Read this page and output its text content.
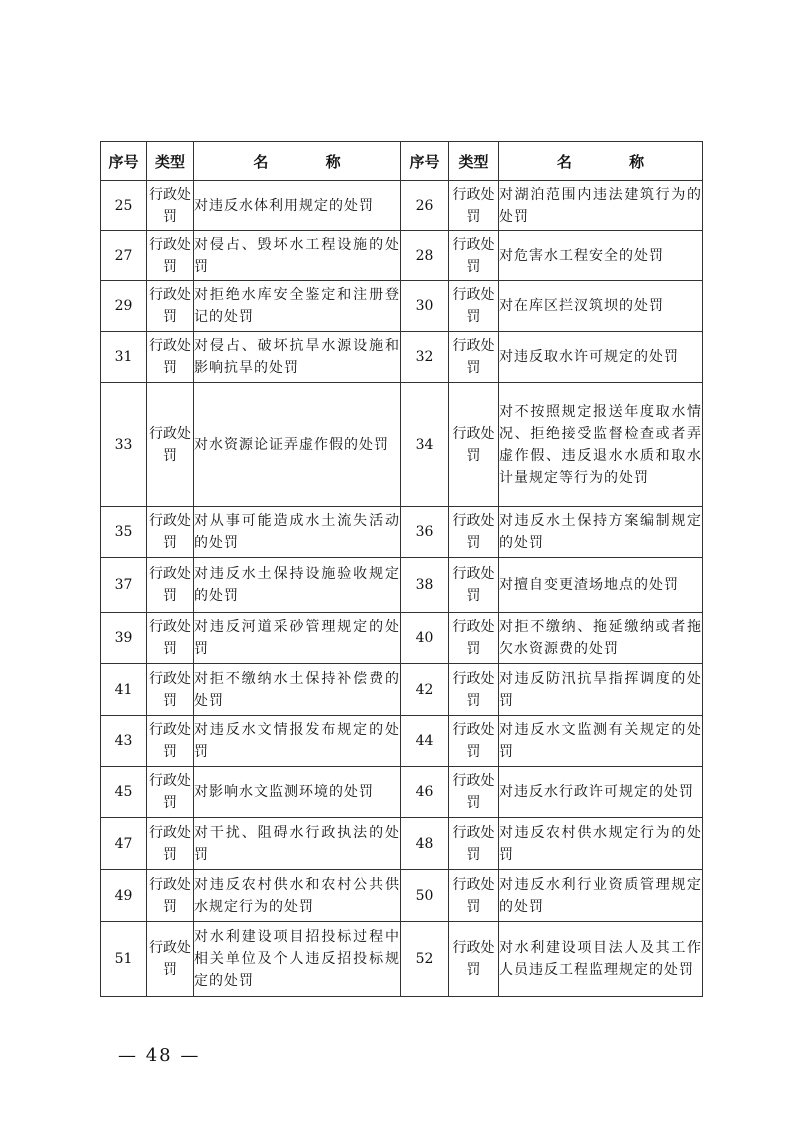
序号	类型	名 称	序号	类型	名 称
25	行政处罚	对违反水体利用规定的处罚	26	行政处罚	对湖泊范围内违法建筑行为的处罚
27	行政处罚	对侵占、毁坏水工程设施的处罚	28	行政处罚	对危害水工程安全的处罚
29	行政处罚	对拒绝水库安全鉴定和注册登记的处罚	30	行政处罚	对在库区拦汊筑坝的处罚
31	行政处罚	对侵占、破坏抗旱水源设施和影响抗旱的处罚	32	行政处罚	对违反取水许可规定的处罚
33	行政处罚	对水资源论证弄虚作假的处罚	34	行政处罚	对不按照规定报送年度取水情况、拒绝接受监督检查或者弄虚作假、违反退水水质和取水计量规定等行为的处罚
35	行政处罚	对从事可能造成水土流失活动的处罚	36	行政处罚	对违反水土保持方案编制规定的处罚
37	行政处罚	对违反水土保持设施验收规定的处罚	38	行政处罚	对擅自变更渣场地点的处罚
39	行政处罚	对违反河道采砂管理规定的处罚	40	行政处罚	对拒不缴纳、拖延缴纳或者拖欠水资源费的处罚
41	行政处罚	对拒不缴纳水土保持补偿费的处罚	42	行政处罚	对违反防汛抗旱指挥调度的处罚
43	行政处罚	对违反水文情报发布规定的处罚	44	行政处罚	对违反水文监测有关规定的处罚
45	行政处罚	对影响水文监测环境的处罚	46	行政处罚	对违反水行政许可规定的处罚
47	行政处罚	对干扰、阻碍水行政执法的处罚	48	行政处罚	对违反农村供水规定行为的处罚
49	行政处罚	对违反农村供水和农村公共供水规定行为的处罚	50	行政处罚	对违反水利行业资质管理规定的处罚
51	行政处罚	对水利建设项目招投标过程中相关单位及个人违反招投标规定的处罚	52	行政处罚	对水利建设项目法人及其工作人员违反工程监理规定的处罚
— 48 —
